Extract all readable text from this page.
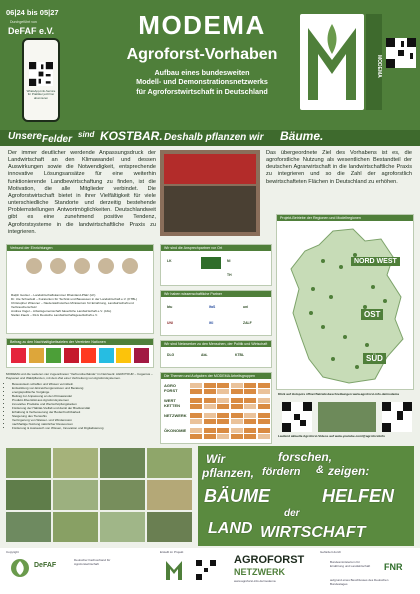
06|24 bis 05|27
Durchgeführt von
DeFAF e.V.
WhatsApp-Info-Service für Praktiker jetzt hier abonnieren
MODEMA
Agroforst-Vorhaben
Aufbau eines bundesweiten
Modell- und Demonstrationsnetzwerks
für Agroforstwirtschaft in Deutschland
MODEMA
Unsere Felder sind KOSTBAR. Deshalb pflanzen wir Bäume.
Der immer deutlicher werdende Anpassungsdruck der Landwirtschaft an den Klimawandel und dessen Auswirkungen sowie die Notwendigkeit, entsprechende innovative Lösungsansätze für eine weiterhin funktionierende Landbewirtschaftung zu finden, ist die Motivation, die alle Mitglieder verbindet. Die Agroforstwirtschaft bietet in ihrer Vielfältigkeit für viele unterschiedliche Standorte und derzeitig bestehende Problemstellungen Antwortmöglichkeiten. Deutschlandweit gibt es eine zunehmend positive Tendenz, Agroforstsysteme in die landwirtschaftliche Praxis zu integrieren.
Das übergeordnete Ziel des Vorhabens ist es, die agroforstliche Nutzung als wesentlichen Bestandteil der deutschen Agrarwirtschaft in die landwirtschaftliche Praxis zu integrieren und so die Zahl der agroforstlich bewirtschafteten Flächen in Deutschland zu erhöhen.
Verbund der Einrichtungen
Ralph Gocker – Landwirtschaftskammer Rheinland-Pfalz (LK)
Dr. Ute Schoofeld – Kuratorium für Technik und Bauwesen in der Landwirtschaft e.V. (KTBL)
Christopher Wriesner – Niedersächsisches Ministerium für Ernährung, Landwirtschaft und Verbraucherschutz
Andrea Vogel – Arbeitsgemeinschaft bäuerliche Landwirtschaft e.V. (AbL)
Stefan Zaeck – DLG Deutsche Landwirtschaftsgesellschaft e.V.
Beitrag zu den Nachhaltigkeitszielen der Vereinten Nationen
MODEMA und die weiteren vier zugeordneten "Verbundverbände" im Netzwerk: AGROTOUR – Cogenius – Payuanet und Waldpflanzen, mit dem Ziel einer Verbreitung von Agroforstsystemen.
• Bewusstsein schaffen und Wissen vermitteln
• Entwicklung von Einreichungsmotiven und Beratung
• energiepolitische Vorgänge
• Beitrag zur Anpassung an den Klimawandel
• Produkt-Diversität aus Agroforstsystemen
• innovative Produkte und Wertschöpfungsketten
• Förderung der Habitat-Vielfalt und damit der Biodiversität
• Erhaltung & Verbesserung der Bodenfruchtbarkeit
• Steigerung des Tierwohls
• Verringerung von Wasser- und Winderosion
• nachhaltige Nutzung natürlicher Ressourcen
• Förderung & Austausch von Wissen, Innovation und Digitalisierung
Wir sind die Ansprechpartner vor Ort
LK	NI
TH
Wir haben wissenschaftliche Partner
btu	IfaS	uni
UNI	IKI	ZALF
Wir sind Netzwerker zu den Menschen, der Politik und Wirtschaft
DLG	AbL	KTBL
Die Themen und Aufgaben der MODEMA Arbeitsgruppen
AGRO FORST
WERT KETTEN
NETZWERK
ÖKONOMIE
Projekt-Betriebe der Regionen und Modellregionen
NORD WEST
OST
SÜD
Klick auf Hotspots öffnet Betriebsbeschreibungen www.agroforst-info.de/modema
Laufend aktuelle Agroforst-Videos auf www.youtube.com/@agroforstinfo
Wir	forschen,
pflanzen, fördern & zeigen:
BÄUME	HELFEN
der
LAND WIRTSCHAFT
Copyright
DeFAF
Deutscher Fachverband für Agroforstwirtschaft
Erstellt im Projekt
AGROFORST
NETZWERK
www.agroforst-info.de/modema
Gefördert durch
Bundesministerium für Ernährung und Landwirtschaft FNR
aufgrund eines Beschlusses des Deutschen Bundestages
